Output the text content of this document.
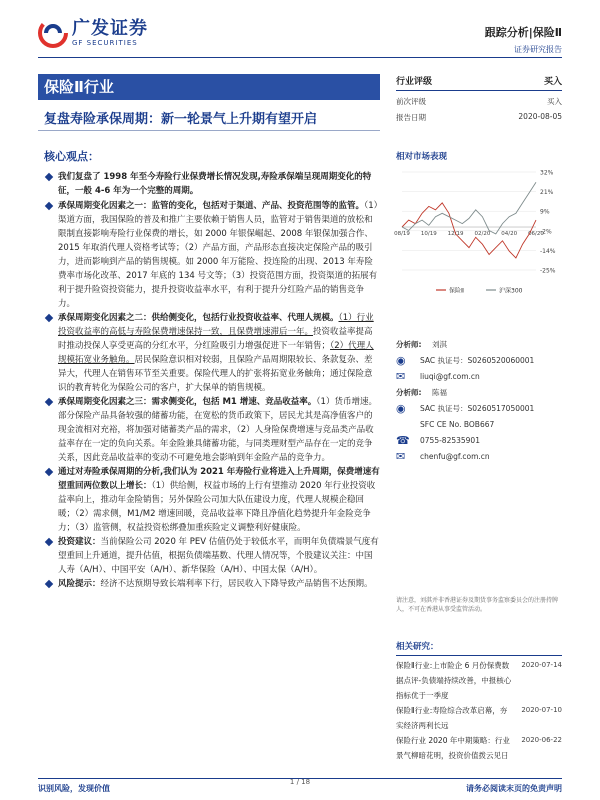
广发证券
GF SECURITIES
跟踪分析|保险Ⅱ
证券研究报告
保险Ⅱ行业
复盘寿险承保周期：新一轮景气上升期有望开启
核心观点：
我们复盘了 1998 年至今寿险行业保费增长情况发现,寿险承保端呈现周期变化的特征，一般 4-6 年为一个完整的周期。
承保周期变化因素之一：监管的变化，包括对于渠道、产品、投资范围等的监管。（1）渠道方面，我国保险的普及和推广主要依赖于销售人员，监管对于销售渠道的放松和限制直接影响寿险行业保费的增长，如 2000 年银保崛起、2008 年银保加强合作、2015 年取消代理人资格考试等；（2）产品方面，产品形态直接决定保险产品的吸引力，进而影响到产品的销售规模。如 2000 年万能险、投连险的出现、2013 年寿险费率市场化改革、2017 年底的 134 号文等；（3）投资范围方面，投资渠道的拓展有利于提升险资投资能力，提升投资收益率水平，有利于提升分红险产品的销售竞争力。
承保周期变化因素之二：供给侧变化，包括行业投资收益率、代理人规模。（1）行业投资收益率的高低与寿险保费增速保持一致，且保费增速滞后一年。投资收益率提高时推动投保人享受更高的分红水平，分红险吸引力增强促进下一年销售；（2）代理人规模拓宽业务触角。居民保险意识相对较弱，且保险产品周期限较长、条款复杂、差异大，代理人在销售环节至关重要。保险代理人的扩张将拓宽业务触角；通过保险意识的教育转化为保险公司的客户，扩大保单的销售规模。
承保周期变化因素之三：需求侧变化，包括 M1 增速、竞品收益率。（1）货币增速。部分保险产品具备较强的储蓄功能，在宽松的货币政策下，居民尤其是高净值客户的现金流相对充裕，将加强对储蓄类产品的需求，（2）人身险保费增速与竞品类产品收益率存在一定的负向关系。年金险兼具储蓄功能，与同类理财型产品存在一定的竞争关系，因此竞品收益率的变动不可避免地会影响到年金险产品的竞争力。
通过对寿险承保周期的分析,我们认为 2021 年寿险行业将进入上升周期，保费增速有望重回两位数以上增长：（1）供给侧，权益市场的上行有望推动 2020 年行业投资收益率向上，推动年金险销售；另外保险公司加大队伍建设力度，代理人规模企稳回暖；（2）需求侧，M1/M2 增速回暖，竞品收益率下降且净值化趋势提升年金险竞争力；（3）监管侧，权益投资松绑叠加重疾险定义调整利好健康险。
投资建议：当前保险公司 2020 年 PEV 估值仍处于较低水平，而明年负债端景气度有望重回上升通道，提升估值，根据负债端基数、代理人情况等，个股建议关注：中国人寿（A/H）、中国平安（A/H）、新华保险（A/H）、中国太保（A/H）。
风险提示：经济不达预期导致长端利率下行，居民收入下降导致产品销售不达预期。
行业评级	买入
前次评级	买入
报告日期	2020-08-05
相对市场表现
32%
21%
9%
-2%
-14%
-25%
08/19 10/19 12/19 02/20 04/20 06/20
保险Ⅱ	沪深300
分析师:	刘淇
◉	SAC 执证号：S0260520060001
✉	liuqi@gf.com.cn
分析师:	陈福
◉	SAC 执证号：S0260517050001
SFC CE No. BOB667
☎	0755-82535901
✉	chenfu@gf.com.cn
请注意，刘淇并非香港证券及期货事务监察委员会的注册持牌人，不可在香港从事受监管活动。
相关研究：
保险Ⅱ行业:上市险企 6 月份保费数据点评-负债端持续改善，中报核心指标优于一季度
2020-07-14
保险Ⅱ行业:寿险综合改革启幕，夯实经济两利长远
2020-07-10
保险行业 2020 年中期策略：行业景气柳暗花明，投资价值拨云见日
2020-06-22
识别风险，发现价值
1 / 18
请务必阅读末页的免责声明
